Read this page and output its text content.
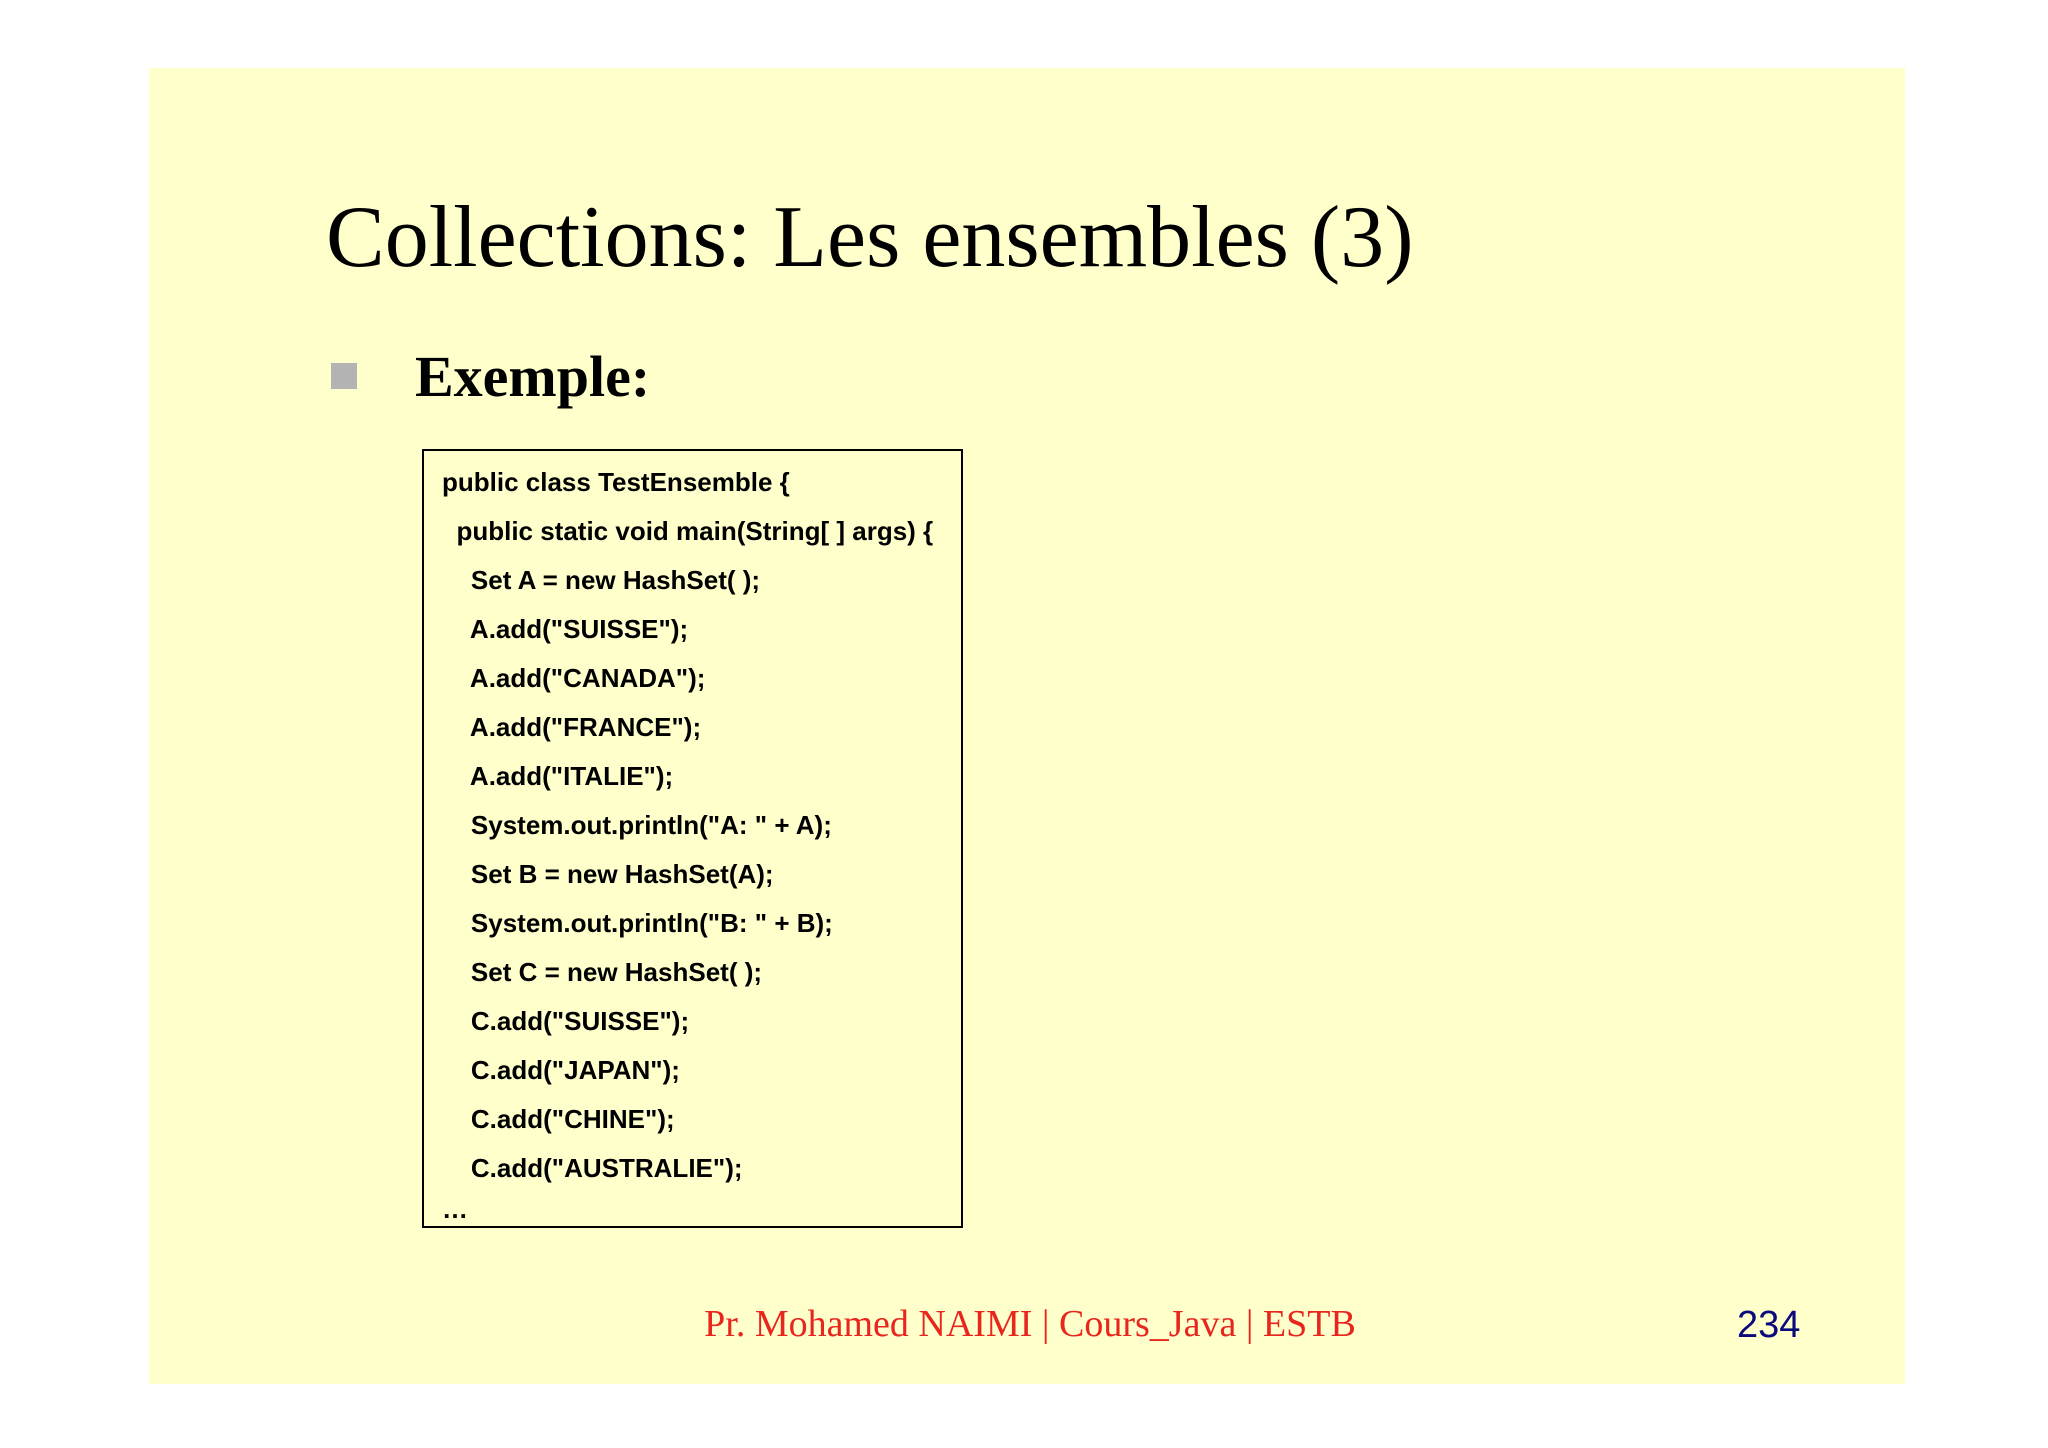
Collections: Les ensembles (3)
Exemple:
public class TestEnsemble {
public static void main(String[ ] args) {
Set A = new HashSet( );
A.add("SUISSE");
A.add("CANADA");
A.add("FRANCE");
A.add("ITALIE");
System.out.println("A: " + A);
Set B = new HashSet(A);
System.out.println("B: " + B);
Set C = new HashSet( );
C.add("SUISSE");
C.add("JAPAN");
C.add("CHINE");
C.add("AUSTRALIE");
…
Pr. Mohamed NAIMI | Cours_Java | ESTB	234
